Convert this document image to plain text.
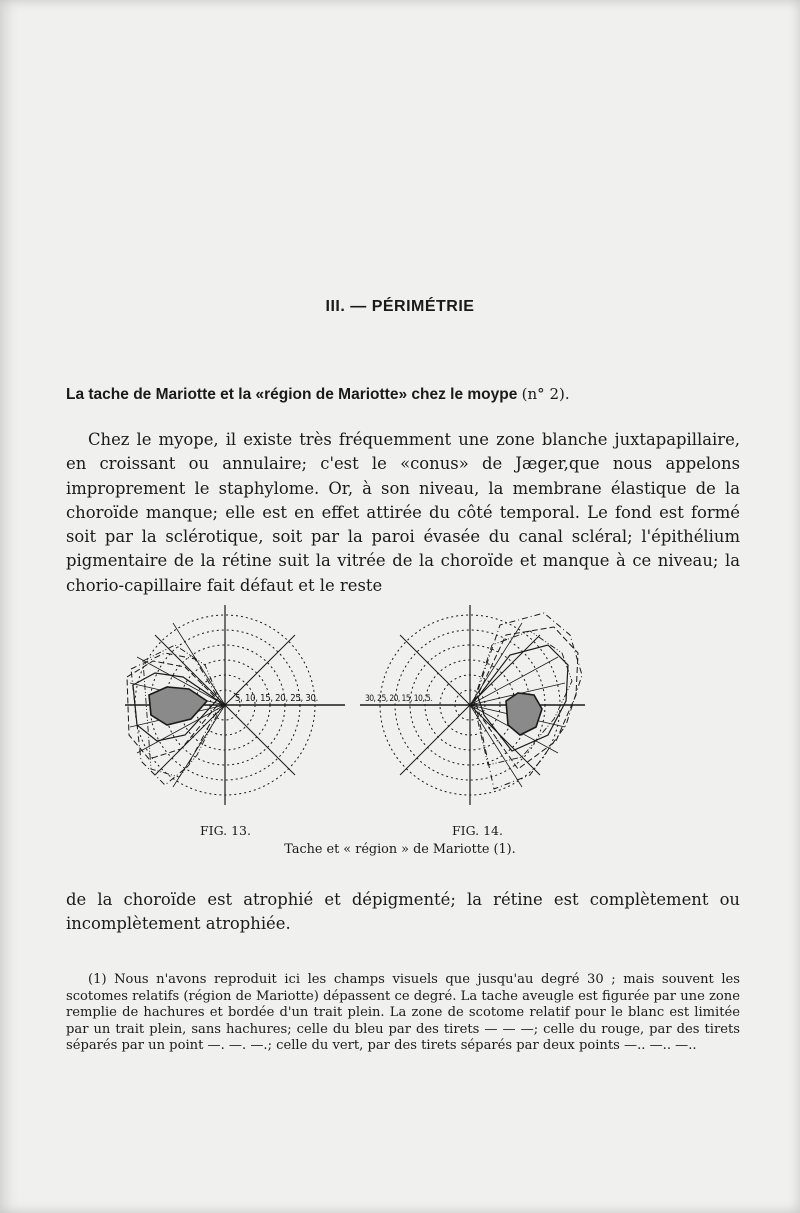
III. — PÉRIMÉTRIE
La tache de Mariotte et la «région de Mariotte» chez le moype (n° 2).
Chez le myope, il existe très fréquemment une zone blanche juxtapapillaire, en croissant ou annulaire; c'est le «conus» de Jæger,que nous appelons improprement le staphylome. Or, à son niveau, la membrane élastique de la choroïde manque; elle est en effet attirée du côté temporal. Le fond est formé soit par la sclérotique, soit par la paroi évasée du canal scléral; l'épithélium pigmentaire de la rétine suit la vitrée de la choroïde et manque à ce niveau; la chorio-capillaire fait défaut et le reste
5, 10, 15, 20, 25, 30.	30, 25, 20, 15, 10, 5.
FIG. 13.	FIG. 14.
Tache et « région » de Mariotte (1).
de la choroïde est atrophié et dépigmenté; la rétine est complètement ou incomplètement atrophiée.

(1) Nous n'avons reproduit ici les champs visuels que jusqu'au degré 30 ; mais souvent les scotomes relatifs (région de Mariotte) dépassent ce degré. La tache aveugle est figurée par une zone remplie de hachures et bordée d'un trait plein. La zone de scotome relatif pour le blanc est limitée par un trait plein, sans hachures; celle du bleu par des tirets — — —; celle du rouge, par des tirets séparés par un point —. —. —.; celle du vert, par des tirets séparés par deux points —.. —.. —..
